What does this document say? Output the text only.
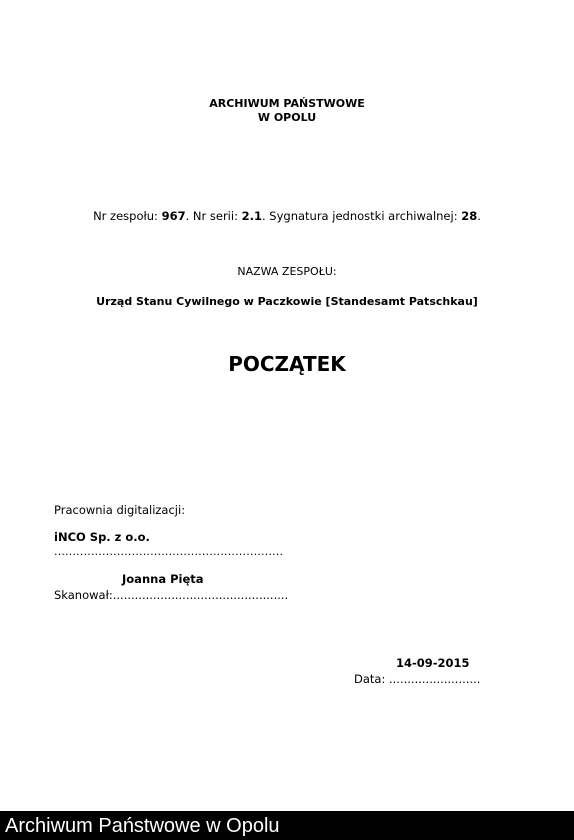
ARCHIWUM PAŃSTWOWE
W OPOLU
Nr zespołu: 967. Nr serii: 2.1. Sygnatura jednostki archiwalnej: 28.
NAZWA ZESPOŁU:
Urząd Stanu Cywilnego w Paczkowie [Standesamt Patschkau]
POCZĄTEK
Pracownia digitalizacji:
iNCO Sp. z o.o.
..............................................................
Joanna Pięta
Skanował:................................................
14-09-2015
Data: .........................
Archiwum Państwowe w Opolu
